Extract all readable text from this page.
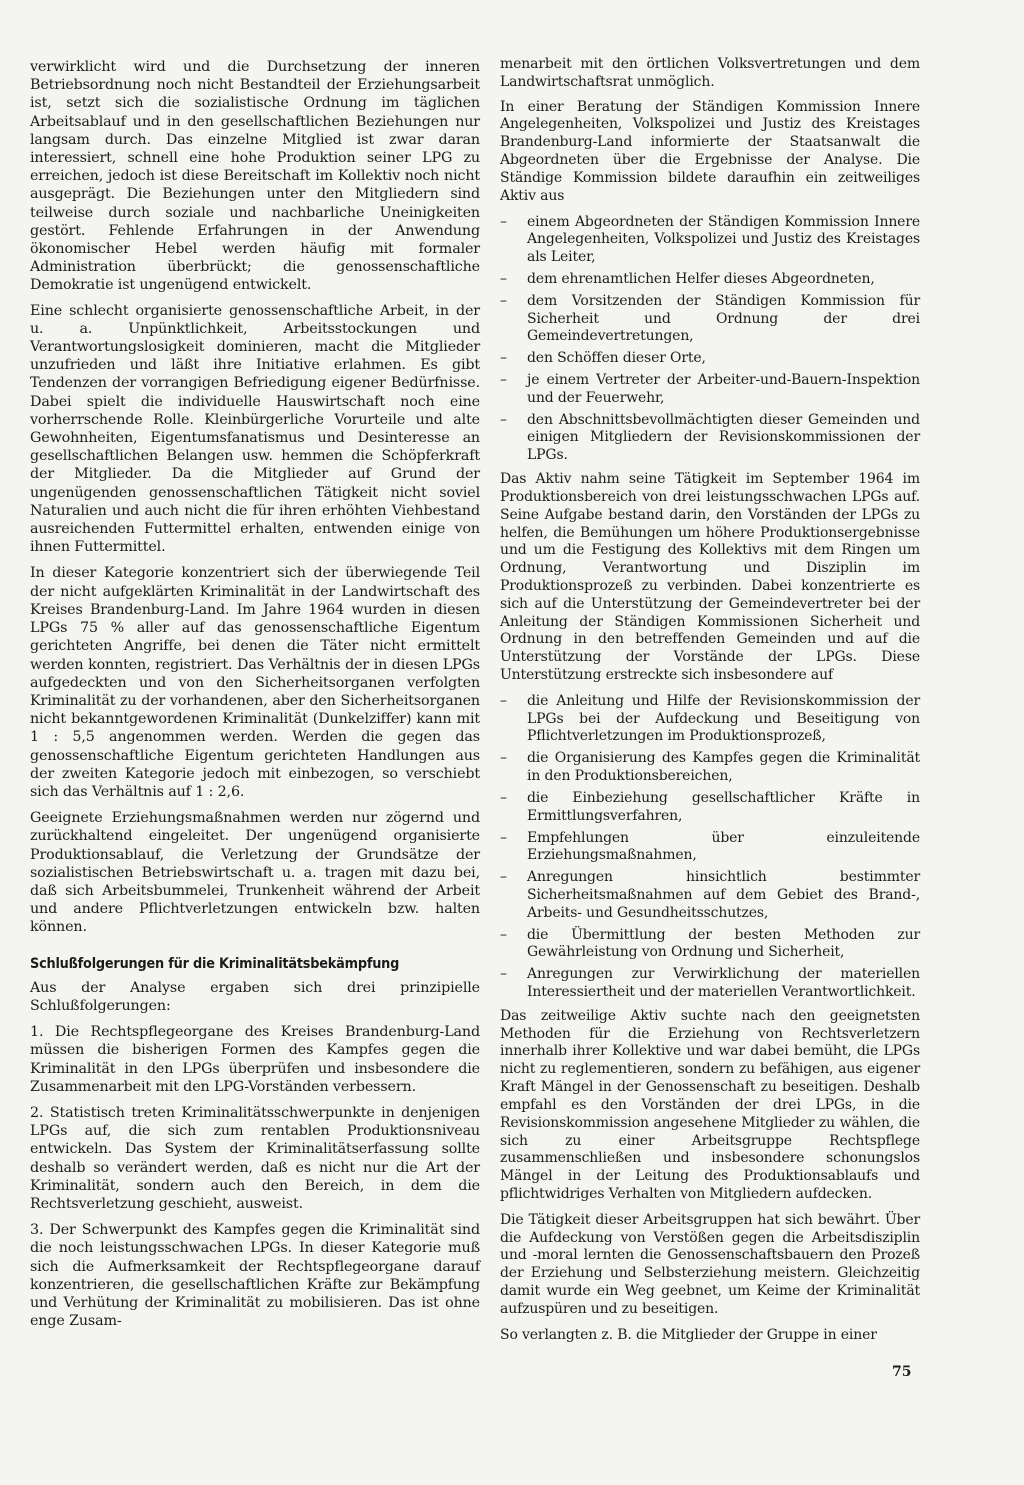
verwirklicht wird und die Durchsetzung der inneren Betriebsordnung noch nicht Bestandteil der Erziehungsarbeit ist, setzt sich die sozialistische Ordnung im täglichen Arbeitsablauf und in den gesellschaftlichen Beziehungen nur langsam durch. Das einzelne Mitglied ist zwar daran interessiert, schnell eine hohe Produktion seiner LPG zu erreichen, jedoch ist diese Bereitschaft im Kollektiv noch nicht ausgeprägt. Die Beziehungen unter den Mitgliedern sind teilweise durch soziale und nachbarliche Uneinigkeiten gestört. Fehlende Erfahrungen in der Anwendung ökonomischer Hebel werden häufig mit formaler Administration überbrückt; die genossenschaftliche Demokratie ist ungenügend entwickelt.

Eine schlecht organisierte genossenschaftliche Arbeit, in der u. a. Unpünktlichkeit, Arbeitsstockungen und Verantwortungslosigkeit dominieren, macht die Mitglieder unzufrieden und läßt ihre Initiative erlahmen. Es gibt Tendenzen der vorrangigen Befriedigung eigener Bedürfnisse. Dabei spielt die individuelle Hauswirtschaft noch eine vorherrschende Rolle. Kleinbürgerliche Vorurteile und alte Gewohnheiten, Eigentumsfanatismus und Desinteresse an gesellschaftlichen Belangen usw. hemmen die Schöpferkraft der Mitglieder. Da die Mitglieder auf Grund der ungenügenden genossenschaftlichen Tätigkeit nicht soviel Naturalien und auch nicht die für ihren erhöhten Viehbestand ausreichenden Futtermittel erhalten, entwenden einige von ihnen Futtermittel.

In dieser Kategorie konzentriert sich der überwiegende Teil der nicht aufgeklärten Kriminalität in der Landwirtschaft des Kreises Brandenburg-Land. Im Jahre 1964 wurden in diesen LPGs 75 % aller auf das genossenschaftliche Eigentum gerichteten Angriffe, bei denen die Täter nicht ermittelt werden konnten, registriert. Das Verhältnis der in diesen LPGs aufgedeckten und von den Sicherheitsorganen verfolgten Kriminalität zu der vorhandenen, aber den Sicherheitsorganen nicht bekanntgewordenen Kriminalität (Dunkelziffer) kann mit 1 : 5,5 angenommen werden. Werden die gegen das genossenschaftliche Eigentum gerichteten Handlungen aus der zweiten Kategorie jedoch mit einbezogen, so verschiebt sich das Verhältnis auf 1 : 2,6.

Geeignete Erziehungsmaßnahmen werden nur zögernd und zurückhaltend eingeleitet. Der ungenügend organisierte Produktionsablauf, die Verletzung der Grundsätze der sozialistischen Betriebswirtschaft u. a. tragen mit dazu bei, daß sich Arbeitsbummelei, Trunkenheit während der Arbeit und andere Pflichtverletzungen entwickeln bzw. halten können.

Schlußfolgerungen für die Kriminalitätsbekämpfung

Aus der Analyse ergaben sich drei prinzipielle Schlußfolgerungen:

1. Die Rechtspflegeorgane des Kreises Brandenburg-Land müssen die bisherigen Formen des Kampfes gegen die Kriminalität in den LPGs überprüfen und insbesondere die Zusammenarbeit mit den LPG-Vorständen verbessern.

2. Statistisch treten Kriminalitätsschwerpunkte in denjenigen LPGs auf, die sich zum rentablen Produktionsniveau entwickeln. Das System der Kriminalitätserfassung sollte deshalb so verändert werden, daß es nicht nur die Art der Kriminalität, sondern auch den Bereich, in dem die Rechtsverletzung geschieht, ausweist.

3. Der Schwerpunkt des Kampfes gegen die Kriminalität sind die noch leistungsschwachen LPGs. In dieser Kategorie muß sich die Aufmerksamkeit der Rechtspflegeorgane darauf konzentrieren, die gesellschaftlichen Kräfte zur Bekämpfung und Verhütung der Kriminalität zu mobilisieren. Das ist ohne enge Zusam-

menarbeit mit den örtlichen Volksvertretungen und dem Landwirtschaftsrat unmöglich.

In einer Beratung der Ständigen Kommission Innere Angelegenheiten, Volkspolizei und Justiz des Kreistages Brandenburg-Land informierte der Staatsanwalt die Abgeordneten über die Ergebnisse der Analyse. Die Ständige Kommission bildete daraufhin ein zeitweiliges Aktiv aus

– einem Abgeordneten der Ständigen Kommission Innere Angelegenheiten, Volkspolizei und Justiz des Kreistages als Leiter,
– dem ehrenamtlichen Helfer dieses Abgeordneten,
– dem Vorsitzenden der Ständigen Kommission für Sicherheit und Ordnung der drei Gemeindevertretungen,
– den Schöffen dieser Orte,
– je einem Vertreter der Arbeiter-und-Bauern-Inspektion und der Feuerwehr,
– den Abschnittsbevollmächtigten dieser Gemeinden und einigen Mitgliedern der Revisionskommissionen der LPGs.

Das Aktiv nahm seine Tätigkeit im September 1964 im Produktionsbereich von drei leistungsschwachen LPGs auf. Seine Aufgabe bestand darin, den Vorständen der LPGs zu helfen, die Bemühungen um höhere Produktionsergebnisse und um die Festigung des Kollektivs mit dem Ringen um Ordnung, Verantwortung und Disziplin im Produktionsprozeß zu verbinden. Dabei konzentrierte es sich auf die Unterstützung der Gemeindevertreter bei der Anleitung der Ständigen Kommissionen Sicherheit und Ordnung in den betreffenden Gemeinden und auf die Unterstützung der Vorstände der LPGs. Diese Unterstützung erstreckte sich insbesondere auf

– die Anleitung und Hilfe der Revisionskommission der LPGs bei der Aufdeckung und Beseitigung von Pflichtverletzungen im Produktionsprozeß,
– die Organisierung des Kampfes gegen die Kriminalität in den Produktionsbereichen,
– die Einbeziehung gesellschaftlicher Kräfte in Ermittlungsverfahren,
– Empfehlungen über einzuleitende Erziehungsmaßnahmen,
– Anregungen hinsichtlich bestimmter Sicherheitsmaßnahmen auf dem Gebiet des Brand-, Arbeits- und Gesundheitsschutzes,
– die Übermittlung der besten Methoden zur Gewährleistung von Ordnung und Sicherheit,
– Anregungen zur Verwirklichung der materiellen Interessiertheit und der materiellen Verantwortlichkeit.

Das zeitweilige Aktiv suchte nach den geeignetsten Methoden für die Erziehung von Rechtsverletzern innerhalb ihrer Kollektive und war dabei bemüht, die LPGs nicht zu reglementieren, sondern zu befähigen, aus eigener Kraft Mängel in der Genossenschaft zu beseitigen. Deshalb empfahl es den Vorständen der drei LPGs, in die Revisionskommission angesehene Mitglieder zu wählen, die sich zu einer Arbeitsgruppe Rechtspflege zusammenschließen und insbesondere schonungslos Mängel in der Leitung des Produktionsablaufs und pflichtwidriges Verhalten von Mitgliedern aufdecken.

Die Tätigkeit dieser Arbeitsgruppen hat sich bewährt. Über die Aufdeckung von Verstößen gegen die Arbeitsdisziplin und -moral lernten die Genossenschaftsbauern den Prozeß der Erziehung und Selbsterziehung meistern. Gleichzeitig damit wurde ein Weg geebnet, um Keime der Kriminalität aufzuspüren und zu beseitigen.

So verlangten z. B. die Mitglieder der Gruppe in einer

75
